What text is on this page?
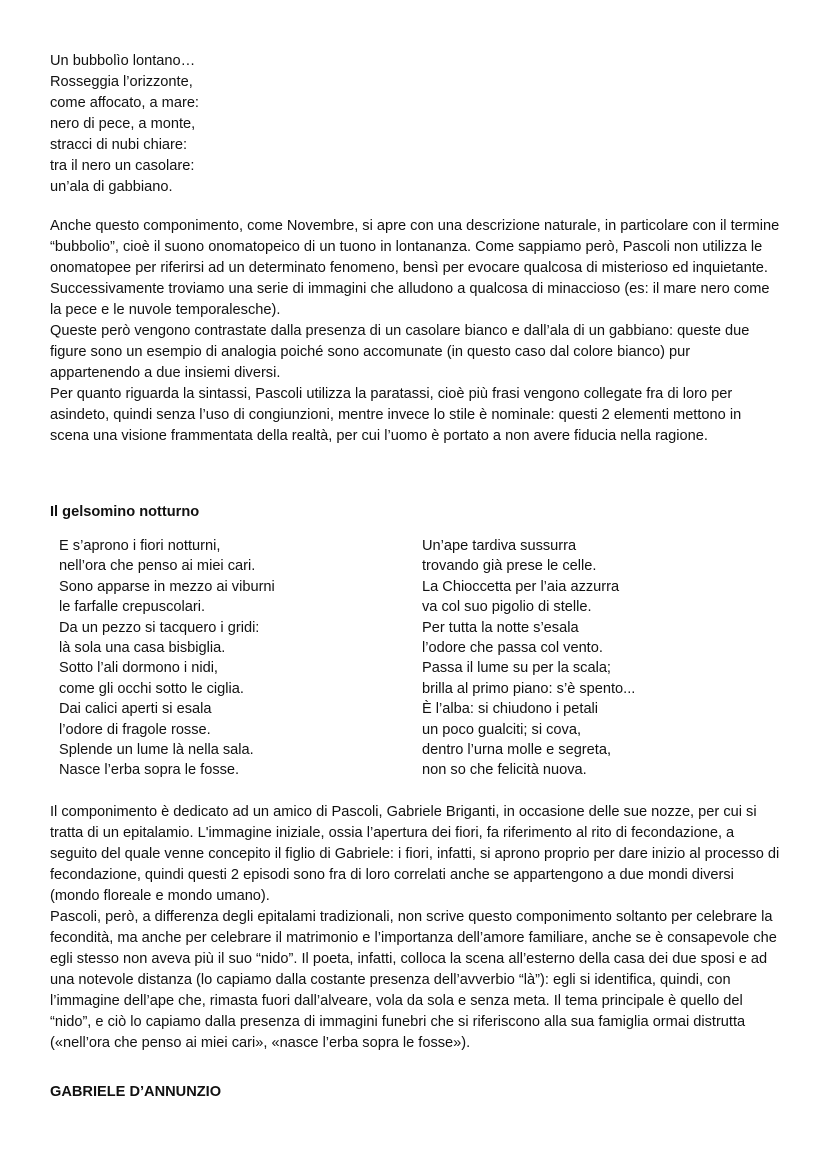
Un bubbolìo lontano…
Rosseggia l’orizzonte,
come affocato, a mare:
nero di pece, a monte,
stracci di nubi chiare:
tra il nero un casolare:
un’ala di gabbiano.

Anche questo componimento, come Novembre, si apre con una descrizione naturale, in particolare con il termine “bubbolio”, cioè il suono onomatopeico di un tuono in lontananza. Come sappiamo però, Pascoli non utilizza le onomatopee per riferirsi ad un determinato fenomeno, bensì per evocare qualcosa di misterioso ed inquietante. Successivamente troviamo una serie di immagini che alludono a qualcosa di minaccioso (es: il mare nero come la pece e le nuvole temporalesche).

Queste però vengono contrastate dalla presenza di un casolare bianco e dall’ala di un gabbiano: queste due figure sono un esempio di analogia poiché sono accomunate (in questo caso dal colore bianco) pur appartenendo a due insiemi diversi.

Per quanto riguarda la sintassi, Pascoli utilizza la paratassi, cioè più frasi vengono collegate fra di loro per asindeto, quindi senza l’uso di congiunzioni, mentre invece lo stile è nominale: questi 2 elementi mettono in scena una visione frammentata della realtà, per cui l’uomo è portato a non avere fiducia nella ragione.

Il gelsomino notturno
E s’aprono i fiori notturni,
nell’ora che penso ai miei cari.
Sono apparse in mezzo ai viburni
le farfalle crepuscolari.
Da un pezzo si tacquero i gridi:
là sola una casa bisbiglia.
Sotto l’ali dormono i nidi,
come gli occhi sotto le ciglia.
Dai calici aperti si esala
l’odore di fragole rosse.
Splende un lume là nella sala.
Nasce l’erba sopra le fosse.
Un’ape tardiva sussurra
trovando già prese le celle.
La Chioccetta per l’aia azzurra
va col suo pigolio di stelle.
Per tutta la notte s’esala
l’odore che passa col vento.
Passa il lume su per la scala;
brilla al primo piano: s’è spento...
È l’alba: si chiudono i petali
un poco gualciti; si cova,
dentro l’urna molle e segreta,
non so che felicità nuova.

Il componimento è dedicato ad un amico di Pascoli, Gabriele Briganti, in occasione delle sue nozze, per cui si tratta di un epitalamio. L'immagine iniziale, ossia l’apertura dei fiori, fa riferimento al rito di fecondazione, a seguito del quale venne concepito il figlio di Gabriele: i fiori, infatti, si aprono proprio per dare inizio al processo di fecondazione, quindi questi 2 episodi sono fra di loro correlati anche se appartengono a due mondi diversi (mondo floreale e mondo umano).

Pascoli, però, a differenza degli epitalami tradizionali, non scrive questo componimento soltanto per celebrare la fecondità, ma anche per celebrare il matrimonio e l’importanza dell’amore familiare, anche se è consapevole che egli stesso non aveva più il suo “nido”. Il poeta, infatti, colloca la scena all’esterno della casa dei due sposi e ad una notevole distanza (lo capiamo dalla costante presenza dell’avverbio “là”): egli si identifica, quindi, con l’immagine dell’ape che, rimasta fuori dall’alveare, vola da sola e senza meta. Il tema principale è quello del “nido”, e ciò lo capiamo dalla presenza di immagini funebri che si riferiscono alla sua famiglia ormai distrutta («nell’ora che penso ai miei cari», «nasce l’erba sopra le fosse»).

GABRIELE D’ANNUNZIO
